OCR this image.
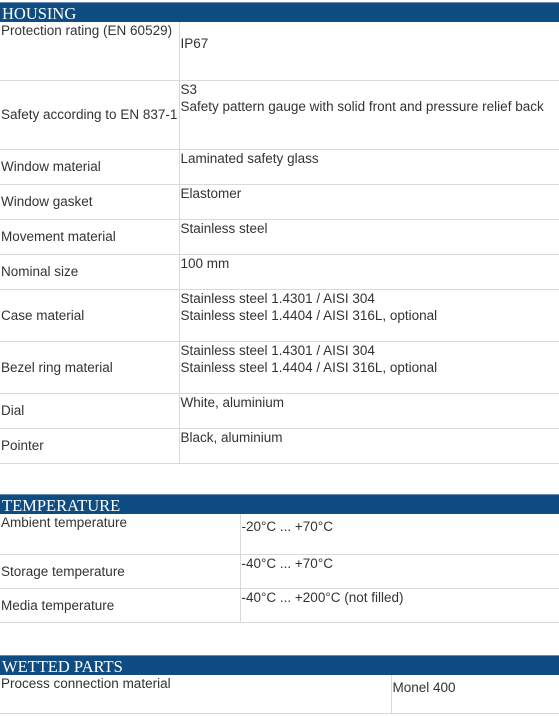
HOUSING
Protection rating (EN 60529)	IP67

Safety according to EN 837-1	S3
Safety pattern gauge with solid front and pressure relief back

Window material	Laminated safety glass

Window gasket	Elastomer

Movement material	Stainless steel

Nominal size	100 mm

Case material	Stainless steel 1.4301 / AISI 304
Stainless steel 1.4404 / AISI 316L, optional

Bezel ring material	Stainless steel 1.4301 / AISI 304
Stainless steel 1.4404 / AISI 316L, optional

Dial	White, aluminium

Pointer	Black, aluminium
TEMPERATURE
Ambient temperature	-20°C ... +70°C

Storage temperature	-40°C ... +70°C

Media temperature	-40°C ... +200°C (not filled)
WETTED PARTS
Process connection material	Monel 400
